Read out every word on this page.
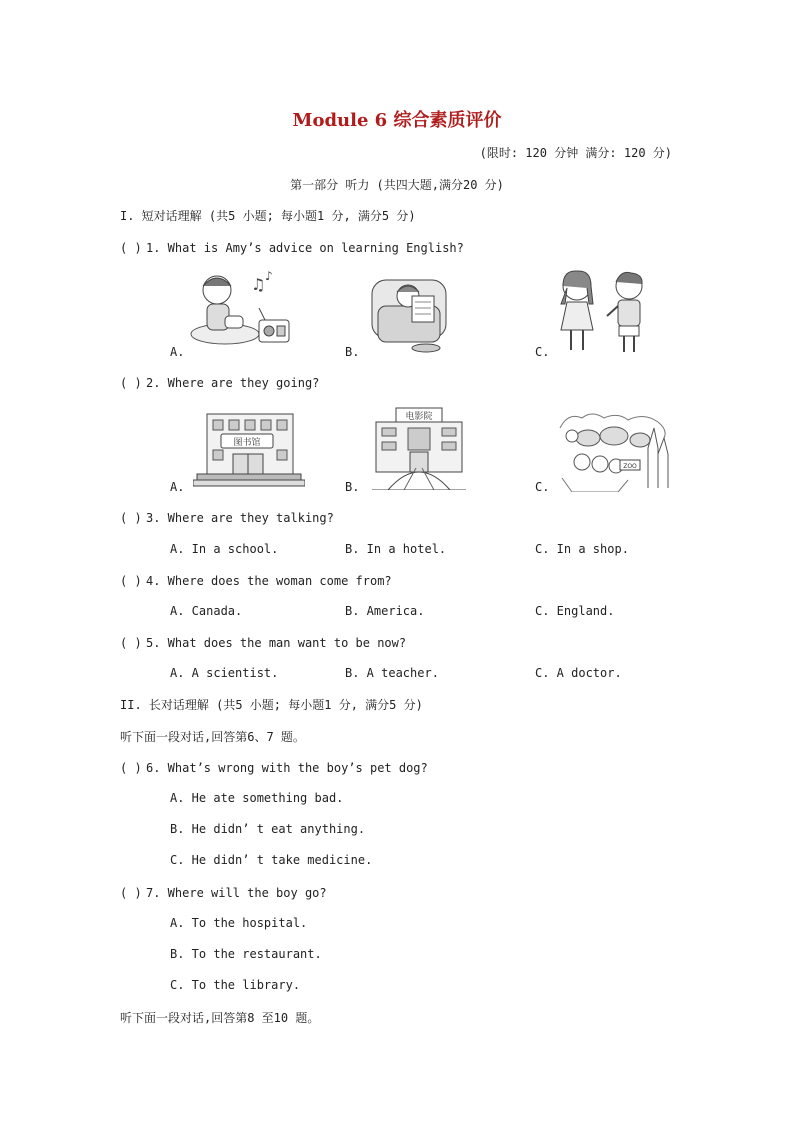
Module 6 综合素质评价
(限时: 120 分钟 满分: 120 分)
第一部分 听力 (共四大题,满分20 分)
I. 短对话理解 (共5 小题; 每小题1 分, 满分5 分)
( ) 1. What is Amy’s advice on learning English?
A.	B.	C.
♫ ♪
( ) 2. Where are they going?
A.	B.	C.
图书馆
电影院
ZOO
( ) 3. Where are they talking?
A. In a school.	B. In a hotel.	C. In a shop.
( ) 4. Where does the woman come from?
A. Canada.	B. America.	C. England.
( ) 5. What does the man want to be now?
A. A scientist.	B. A teacher.	C. A doctor.
II. 长对话理解 (共5 小题; 每小题1 分, 满分5 分)
听下面一段对话,回答第6、7 题。
( ) 6. What’s wrong with the boy’s pet dog?
A. He ate something bad.
B. He didn’ t eat anything.
C. He didn’ t take medicine.
( ) 7. Where will the boy go?
A. To the hospital.
B. To the restaurant.
C. To the library.
听下面一段对话,回答第8 至10 题。
